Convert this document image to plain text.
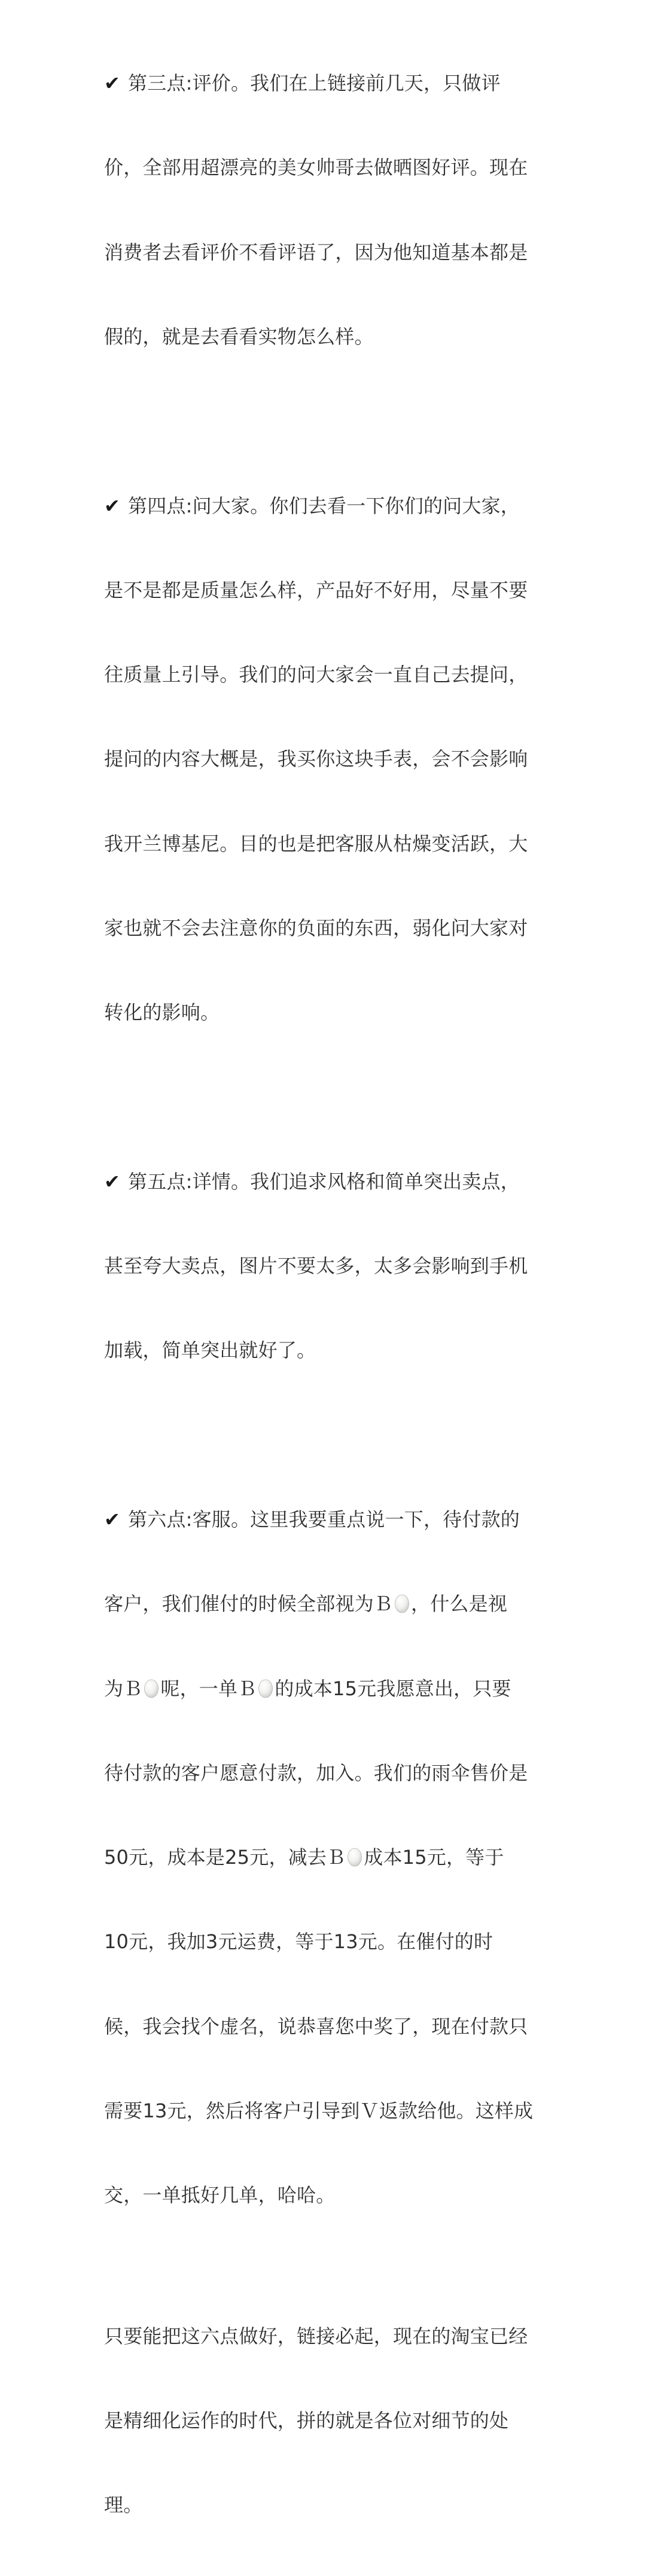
✔ 第三点:评价。我们在上链接前几天，只做评

价，全部用超漂亮的美女帅哥去做晒图好评。现在

消费者去看评价不看评语了，因为他知道基本都是

假的，就是去看看实物怎么样。

✔ 第四点:问大家。你们去看一下你们的问大家，

是不是都是质量怎么样，产品好不好用，尽量不要

往质量上引导。我们的问大家会一直自己去提问，

提问的内容大概是，我买你这块手表，会不会影响

我开兰博基尼。目的也是把客服从枯燥变活跃，大

家也就不会去注意你的负面的东西，弱化问大家对

转化的影响。

✔ 第五点:详情。我们追求风格和简单突出卖点，

甚至夸大卖点，图片不要太多，太多会影响到手机

加载，简单突出就好了。

✔ 第六点:客服。这里我要重点说一下，待付款的

客户，我们催付的时候全部视为Ｂ ，什么是视

为Ｂ 呢，一单Ｂ 的成本15元我愿意出，只要

待付款的客户愿意付款，加入。我们的雨伞售价是

50元，成本是25元，减去Ｂ 成本15元，等于

10元，我加3元运费，等于13元。在催付的时

候，我会找个虚名，说恭喜您中奖了，现在付款只

需要13元，然后将客户引导到Ｖ返款给他。这样成

交，一单抵好几单，哈哈。

只要能把这六点做好，链接必起，现在的淘宝已经

是精细化运作的时代，拼的就是各位对细节的处

理。
